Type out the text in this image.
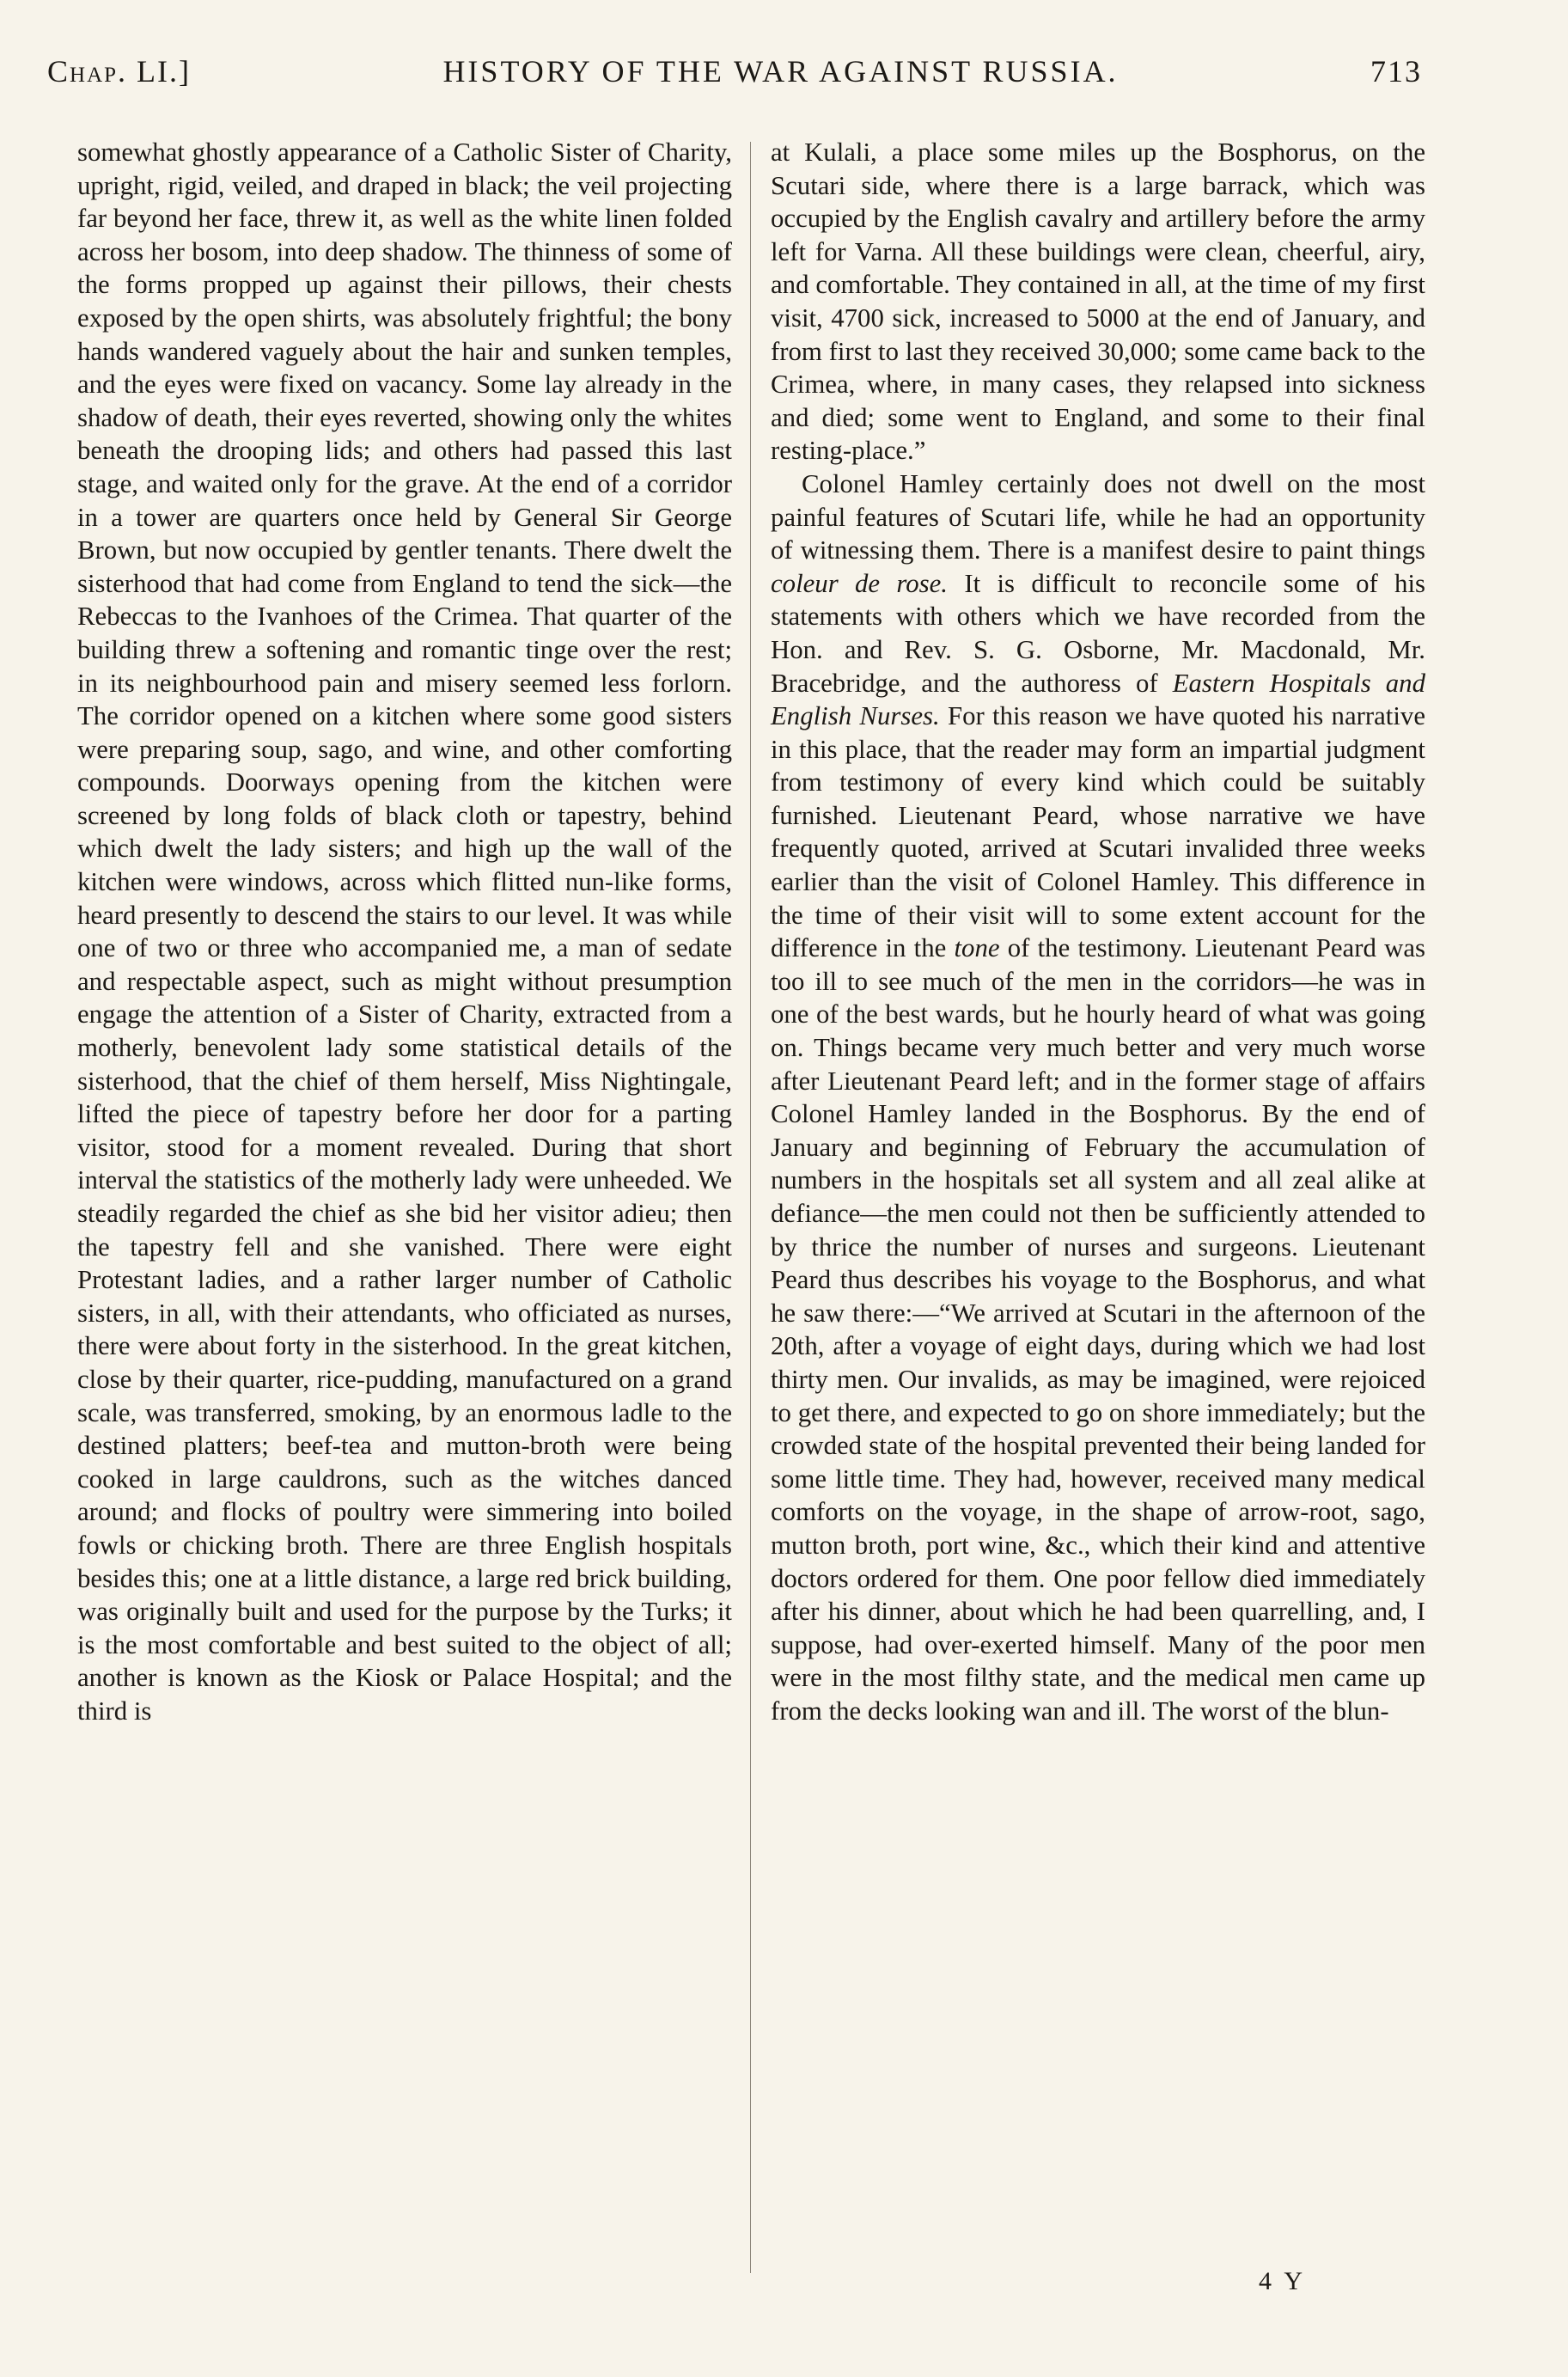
Chap. LI.]	HISTORY OF THE WAR AGAINST RUSSIA.	713

somewhat ghostly appearance of a Catholic Sister of Charity, upright, rigid, veiled, and draped in black; the veil projecting far beyond her face, threw it, as well as the white linen folded across her bosom, into deep shadow. The thinness of some of the forms propped up against their pillows, their chests exposed by the open shirts, was absolutely frightful; the bony hands wandered vaguely about the hair and sunken temples, and the eyes were fixed on vacancy. Some lay already in the shadow of death, their eyes reverted, showing only the whites beneath the drooping lids; and others had passed this last stage, and waited only for the grave. At the end of a corridor in a tower are quarters once held by General Sir George Brown, but now occupied by gentler tenants. There dwelt the sisterhood that had come from England to tend the sick—the Rebeccas to the Ivanhoes of the Crimea. That quarter of the building threw a softening and romantic tinge over the rest; in its neighbourhood pain and misery seemed less forlorn. The corridor opened on a kitchen where some good sisters were preparing soup, sago, and wine, and other comforting compounds. Doorways opening from the kitchen were screened by long folds of black cloth or tapestry, behind which dwelt the lady sisters; and high up the wall of the kitchen were windows, across which flitted nun-like forms, heard presently to descend the stairs to our level. It was while one of two or three who accompanied me, a man of sedate and respectable aspect, such as might without presumption engage the attention of a Sister of Charity, extracted from a motherly, benevolent lady some statistical details of the sisterhood, that the chief of them herself, Miss Nightingale, lifted the piece of tapestry before her door for a parting visitor, stood for a moment revealed. During that short interval the statistics of the motherly lady were unheeded. We steadily regarded the chief as she bid her visitor adieu; then the tapestry fell and she vanished. There were eight Protestant ladies, and a rather larger number of Catholic sisters, in all, with their attendants, who officiated as nurses, there were about forty in the sisterhood. In the great kitchen, close by their quarter, rice-pudding, manufactured on a grand scale, was transferred, smoking, by an enormous ladle to the destined platters; beef-tea and mutton-broth were being cooked in large cauldrons, such as the witches danced around; and flocks of poultry were simmering into boiled fowls or chicking broth. There are three English hospitals besides this; one at a little distance, a large red brick building, was originally built and used for the purpose by the Turks; it is the most comfortable and best suited to the object of all; another is known as the Kiosk or Palace Hospital; and the third is

at Kulali, a place some miles up the Bosphorus, on the Scutari side, where there is a large barrack, which was occupied by the English cavalry and artillery before the army left for Varna. All these buildings were clean, cheerful, airy, and comfortable. They contained in all, at the time of my first visit, 4700 sick, increased to 5000 at the end of January, and from first to last they received 30,000; some came back to the Crimea, where, in many cases, they relapsed into sickness and died; some went to England, and some to their final resting-place.”

Colonel Hamley certainly does not dwell on the most painful features of Scutari life, while he had an opportunity of witnessing them. There is a manifest desire to paint things coleur de rose. It is difficult to reconcile some of his statements with others which we have recorded from the Hon. and Rev. S. G. Osborne, Mr. Macdonald, Mr. Bracebridge, and the authoress of Eastern Hospitals and English Nurses. For this reason we have quoted his narrative in this place, that the reader may form an impartial judgment from testimony of every kind which could be suitably furnished. Lieutenant Peard, whose narrative we have frequently quoted, arrived at Scutari invalided three weeks earlier than the visit of Colonel Hamley. This difference in the time of their visit will to some extent account for the difference in the tone of the testimony. Lieutenant Peard was too ill to see much of the men in the corridors—he was in one of the best wards, but he hourly heard of what was going on. Things became very much better and very much worse after Lieutenant Peard left; and in the former stage of affairs Colonel Hamley landed in the Bosphorus. By the end of January and beginning of February the accumulation of numbers in the hospitals set all system and all zeal alike at defiance—the men could not then be sufficiently attended to by thrice the number of nurses and surgeons. Lieutenant Peard thus describes his voyage to the Bosphorus, and what he saw there:—“We arrived at Scutari in the afternoon of the 20th, after a voyage of eight days, during which we had lost thirty men. Our invalids, as may be imagined, were rejoiced to get there, and expected to go on shore immediately; but the crowded state of the hospital prevented their being landed for some little time. They had, however, received many medical comforts on the voyage, in the shape of arrow-root, sago, mutton broth, port wine, &c., which their kind and attentive doctors ordered for them. One poor fellow died immediately after his dinner, about which he had been quarrelling, and, I suppose, had over-exerted himself. Many of the poor men were in the most filthy state, and the medical men came up from the decks looking wan and ill. The worst of the blun-

4 Y
